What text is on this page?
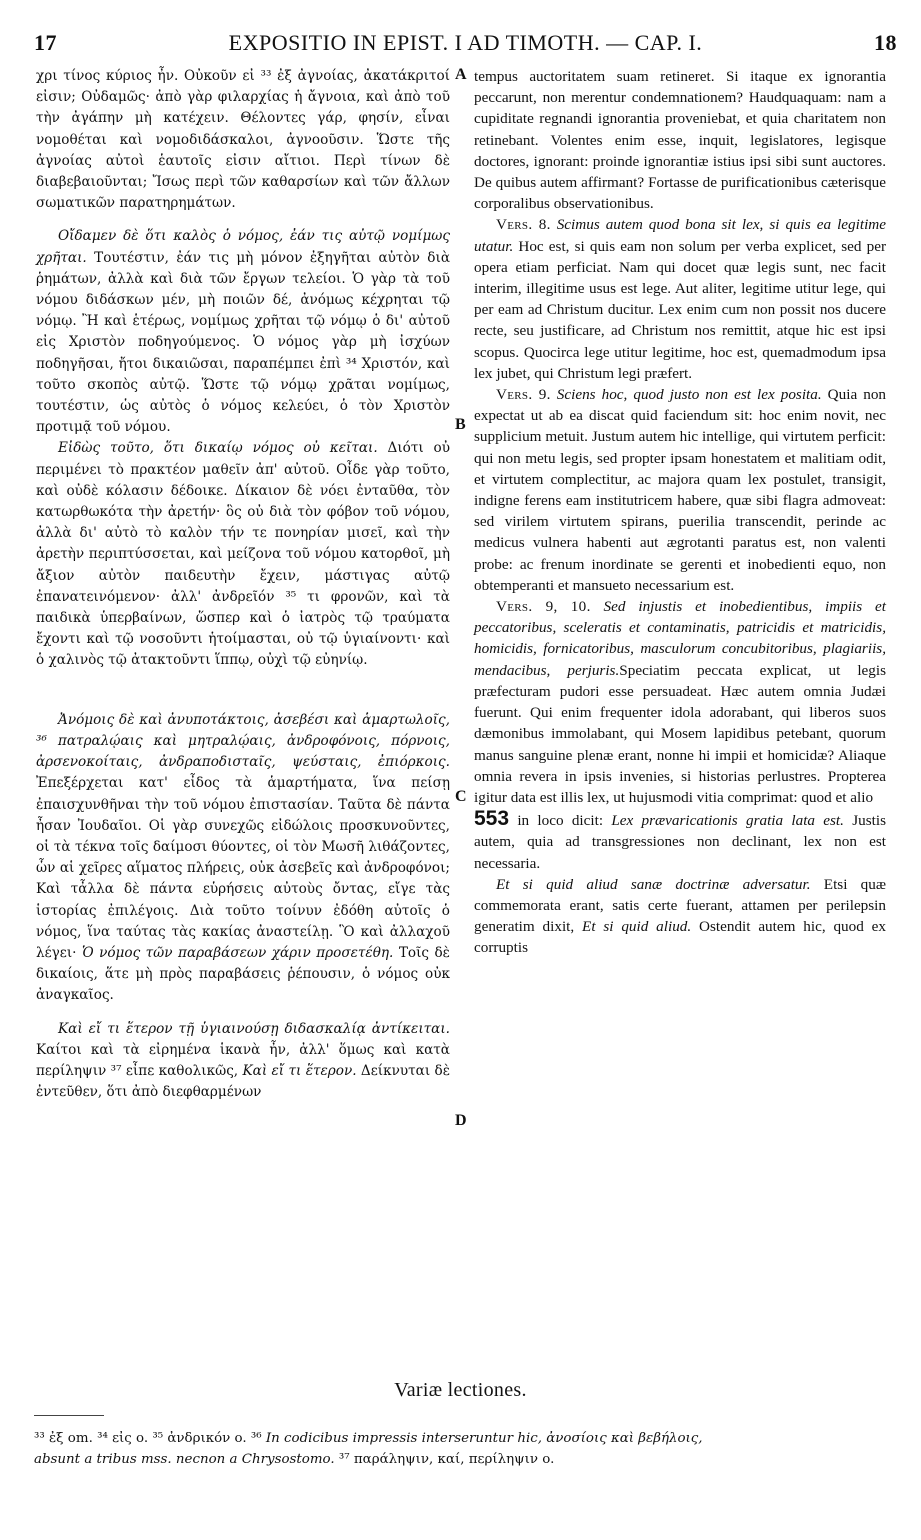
17	EXPOSITIO IN EPIST. I AD TIMOTH. — CAP. I.	18

χρι τίνος κύριος ἦν. Οὐκοῦν εἰ ³³ ἐξ ἀγνοίας, ἀκατάκριτοί εἰσιν; Οὐδαμῶς· ἀπὸ γὰρ φιλαρχίας ἡ ἄγνοια, καὶ ἀπὸ τοῦ τὴν ἀγάπην μὴ κατέχειν. Θέλοντες γάρ, φησίν, εἶναι νομοθέται καὶ νομοδιδάσκαλοι, ἀγνοοῦσιν. Ὥστε τῆς ἀγνοίας αὐτοὶ ἑαυτοῖς εἰσιν αἴτιοι. Περὶ τίνων δὲ διαβεβαιοῦνται; Ἴσως περὶ τῶν καθαρσίων καὶ τῶν ἄλλων σωματικῶν παρατηρημάτων.

Οἴδαμεν δὲ ὅτι καλὸς ὁ νόμος, ἐάν τις αὐτῷ νομίμως χρῆται. Τουτέστιν, ἐάν τις μὴ μόνον ἐξηγῆται αὐτὸν διὰ ῥημάτων, ἀλλὰ καὶ διὰ τῶν ἔργων τελείοι. Ὁ γὰρ τὰ τοῦ νόμου διδάσκων μέν, μὴ ποιῶν δέ, ἀνόμως κέχρηται τῷ νόμῳ. Ἢ καὶ ἑτέρως, νομίμως χρῆται τῷ νόμῳ ὁ δι' αὐτοῦ εἰς Χριστὸν ποδηγούμενος. Ὁ νόμος γὰρ μὴ ἰσχύων ποδηγῆσαι, ἤτοι δικαιῶσαι, παραπέμπει ἐπὶ ³⁴ Χριστόν, καὶ τοῦτο σκοπὸς αὐτῷ. Ὥστε τῷ νόμῳ χρᾶται νομίμως, τουτέστιν, ὡς αὐτὸς ὁ νόμος κελεύει, ὁ τὸν Χριστὸν προτιμᾷ τοῦ νόμου.

Εἰδὼς τοῦτο, ὅτι δικαίῳ νόμος οὐ κεῖται. Διότι οὐ περιμένει τὸ πρακτέον μαθεῖν ἀπ' αὐτοῦ. Οἶδε γὰρ τοῦτο, καὶ οὐδὲ κόλασιν δέδοικε. Δίκαιον δὲ νόει ἐνταῦθα, τὸν κατωρθωκότα τὴν ἀρετήν· ὃς οὐ διὰ τὸν φόβον τοῦ νόμου, ἀλλὰ δι' αὐτὸ τὸ καλὸν τήν τε πονηρίαν μισεῖ, καὶ τὴν ἀρετὴν περιπτύσσεται, καὶ μείζονα τοῦ νόμου κατορθοῖ, μὴ ἄξιον αὐτὸν παιδευτὴν ἔχειν, μάστιγας αὐτῷ ἐπανατεινόμενον· ἀλλ' ἀνδρεῖόν ³⁵ τι φρονῶν, καὶ τὰ παιδικὰ ὑπερβαίνων, ὥσπερ καὶ ὁ ἰατρὸς τῷ τραύματα ἔχοντι καὶ τῷ νοσοῦντι ἡτοίμασται, οὐ τῷ ὑγιαίνοντι· καὶ ὁ χαλινὸς τῷ ἀτακτοῦντι ἵππῳ, οὐχὶ τῷ εὐηνίῳ.

Ἀνόμοις δὲ καὶ ἀνυποτάκτοις, ἀσεβέσι καὶ ἁμαρτωλοῖς, ³⁶ πατραλῴαις καὶ μητραλῴαις, ἀνδροφόνοις, πόρνοις, ἀρσενοκοίταις, ἀνδραποδισταῖς, ψεύσταις, ἐπιόρκοις. Ἐπεξέρχεται κατ' εἶδος τὰ ἁμαρτήματα, ἵνα πείσῃ ἐπαισχυνθῆναι τὴν τοῦ νόμου ἐπιστασίαν. Ταῦτα δὲ πάντα ἦσαν Ἰουδαῖοι. Οἱ γὰρ συνεχῶς εἰδώλοις προσκυνοῦντες, οἱ τὰ τέκνα τοῖς δαίμοσι θύοντες, οἱ τὸν Μωσῆ λιθάζοντες, ὧν αἱ χεῖρες αἵματος πλήρεις, οὐκ ἀσεβεῖς καὶ ἀνδροφόνοι; Καὶ τἆλλα δὲ πάντα εὑρήσεις αὐτοὺς ὄντας, εἴγε τὰς ἱστορίας ἐπιλέγοις. Διὰ τοῦτο τοίνυν ἐδόθη αὐτοῖς ὁ νόμος, ἵνα ταύτας τὰς κακίας ἀναστείλῃ. Ὃ καὶ ἀλλαχοῦ λέγει· Ὁ νόμος τῶν παραβάσεων χάριν προσετέθη. Τοῖς δὲ δικαίοις, ἅτε μὴ πρὸς παραβάσεις ῥέπουσιν, ὁ νόμος οὐκ ἀναγκαῖος.

Καὶ εἴ τι ἕτερον τῇ ὑγιαινούσῃ διδασκαλίᾳ ἀντίκειται. Καίτοι καὶ τὰ εἰρημένα ἱκανὰ ἦν, ἀλλ' ὅμως καὶ κατὰ περίληψιν ³⁷ εἶπε καθολικῶς, Καὶ εἴ τι ἕτερον. Δείκνυται δὲ ἐντεῦθεν, ὅτι ἀπὸ διεφθαρμένων

A
B
C
D

tempus auctoritatem suam retineret. Si itaque ex ignorantia peccarunt, non merentur condemnationem? Haudquaquam: nam a cupiditate regnandi ignorantia proveniebat, et quia charitatem non retinebant. Volentes enim esse, inquit, legislatores, legisque doctores, ignorant: proinde ignorantiæ istius ipsi sibi sunt auctores. De quibus autem affirmant? Fortasse de purificationibus cæterisque corporalibus observationibus.

Vers. 8. Scimus autem quod bona sit lex, si quis ea legitime utatur. Hoc est, si quis eam non solum per verba explicet, sed per opera etiam perficiat. Nam qui docet quæ legis sunt, nec facit interim, illegitime usus est lege. Aut aliter, legitime utitur lege, qui per eam ad Christum ducitur. Lex enim cum non possit nos ducere recte, seu justificare, ad Christum nos remittit, atque hic est ipsi scopus. Quocirca lege utitur legitime, hoc est, quemadmodum ipsa lex jubet, qui Christum legi præfert.

Vers. 9. Sciens hoc, quod justo non est lex posita. Quia non expectat ut ab ea discat quid faciendum sit: hoc enim novit, nec supplicium metuit. Justum autem hic intellige, qui virtutem perficit: qui non metu legis, sed propter ipsam honestatem et malitiam odit, et virtutem complectitur, ac majora quam lex postulet, transigit, indigne ferens eam institutricem habere, quæ sibi flagra admoveat: sed virilem virtutem spirans, puerilia transcendit, perinde ac medicus vulnera habenti aut ægrotanti paratus est, non valenti probe: ac frenum inordinate se gerenti et inobedienti equo, non obtemperanti et mansueto necessarium est.

Vers. 9, 10. Sed injustis et inobedientibus, impiis et peccatoribus, sceleratis et contaminatis, patricidis et matricidis, homicidis, fornicatoribus, masculorum concubitoribus, plagiariis, mendacibus, perjuris.Speciatim peccata explicat, ut legis præfecturam pudori esse persuadeat. Hæc autem omnia Judæi fuerunt. Qui enim frequenter idola adorabant, qui liberos suos dæmonibus immolabant, qui Mosem lapidibus petebant, quorum manus sanguine plenæ erant, nonne hi impii et homicidæ? Aliaque omnia revera in ipsis invenies, si historias perlustres. Propterea igitur data est illis lex, ut hujusmodi vitia comprimat: quod et alio
553 in loco dicit: Lex prævaricationis gratia lata est. Justis autem, quia ad transgressiones non declinant, lex non est necessaria.

Et si quid aliud sanæ doctrinæ adversatur. Etsi quæ commemorata erant, satis certe fuerant, attamen per perilepsin generatim dixit, Et si quid aliud. Ostendit autem hic, quod ex corruptis

Variæ lectiones.
³³ ἐξ om. ³⁴ εἰς o. ³⁵ ἀνδρικόν o. ³⁶ In codicibus impressis interseruntur hic, ἀνοσίοις καὶ βεβήλοις,
absunt a tribus mss. necnon a Chrysostomo. ³⁷ παράληψιν, καί, περίληψιν o.
